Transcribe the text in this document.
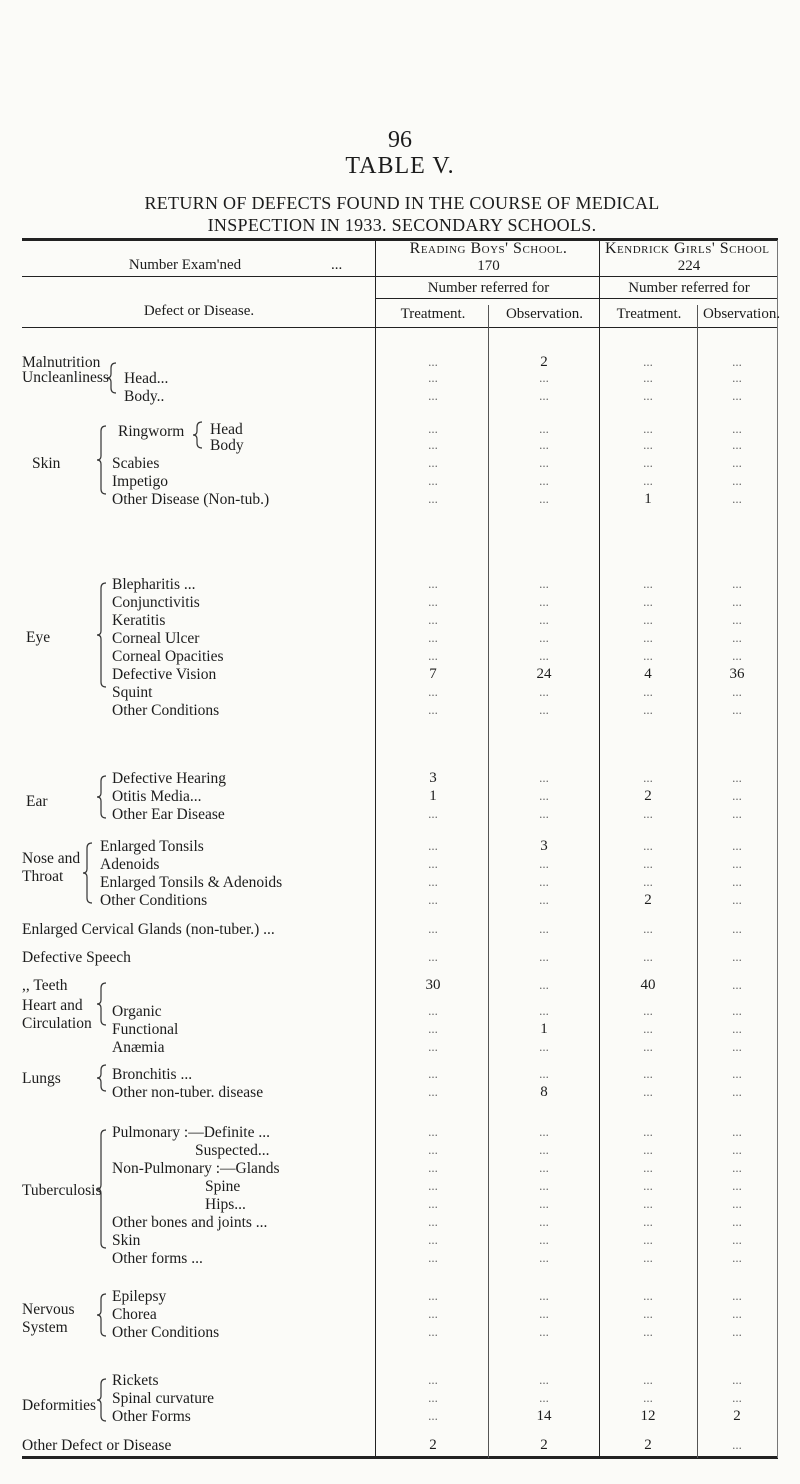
96
TABLE V.
RETURN OF DEFECTS FOUND IN THE COURSE OF MEDICAL
INSPECTION IN 1933. SECONDARY SCHOOLS.
Number Exam'ned	...
Defect or Disease.
Reading Boys' School.	Kendrick Girls' School
170	224
Number referred for	Number referred for
Treatment.	Observation.	Treatment.	Observation.
Uncleanliness
Skin
Ringworm
Eye
Ear
Nose and
Throat
Heart and
Circulation
Lungs
Tuberculosis
Nervous
System
Deformities
Malnutrition	...	2	...	...
Head...	...	...	...	...
Body..	...	...	...	...
Head	...	...	...	...
Body	...	...	...	...
Scabies	...	...	...	...
Impetigo	...	...	...	...
Other Disease (Non-tub.)	...	...	1	...
Blepharitis ...	...	...	...	...
Conjunctivitis	...	...	...	...
Keratitis	...	...	...	...
Corneal Ulcer	...	...	...	...
Corneal Opacities	...	...	...	...
Defective Vision	7	24	4	36
Squint	...	...	...	...
Other Conditions	...	...	...	...
Defective Hearing	3	...	...	...
Otitis Media...	1	...	2	...
Other Ear Disease	...	...	...	...
Enlarged Tonsils	...	3	...	...
Adenoids	...	...	...	...
Enlarged Tonsils & Adenoids	...	...	...	...
Other Conditions	...	...	2	...
Enlarged Cervical Glands (non-tuber.) ...	...	...	...	...
Defective Speech	...	...	...	...
,, Teeth	30	...	40	...
Organic	...	...	...	...
Functional	...	1	...	...
Anæmia	...	...	...	...
Bronchitis ...	...	...	...	...
Other non-tuber. disease	...	8	...	...
Pulmonary :—Definite ...	...	...	...	...
Suspected...	...	...	...	...
Non-Pulmonary :—Glands	...	...	...	...
Spine	...	...	...	...
Hips...	...	...	...	...
Other bones and joints ...	...	...	...	...
Skin	...	...	...	...
Other forms ...	...	...	...	...
Epilepsy	...	...	...	...
Chorea	...	...	...	...
Other Conditions	...	...	...	...
Rickets	...	...	...	...
Spinal curvature	...	...	...	...
Other Forms	...	14	12	2
Other Defect or Disease	2	2	2	...
